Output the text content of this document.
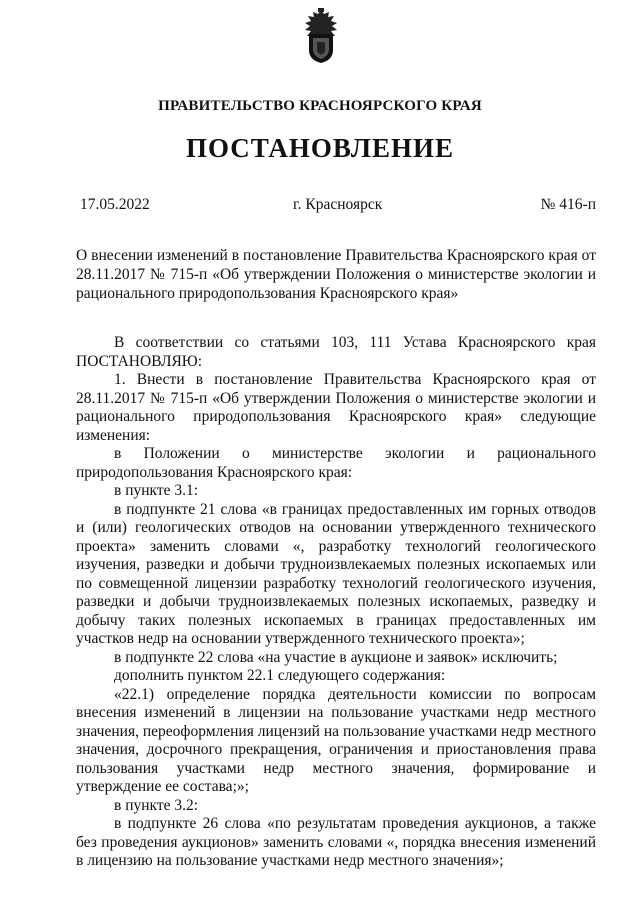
ПРАВИТЕЛЬСТВО КРАСНОЯРСКОГО КРАЯ
ПОСТАНОВЛЕНИЕ
17.05.2022	г. Красноярск	№ 416-п
О внесении изменений в постановление Правительства Красноярского края от 28.11.2017 № 715-п «Об утверждении Положения о министерстве экологии и рационального природопользования Красноярского края»

В соответствии со статьями 103, 111 Устава Красноярского края ПОСТАНОВЛЯЮ:

1. Внести в постановление Правительства Красноярского края от 28.11.2017 № 715-п «Об утверждении Положения о министерстве экологии и рационального природопользования Красноярского края» следующие изменения:

в Положении о министерстве экологии и рационального природопользования Красноярского края:

в пункте 3.1:

в подпункте 21 слова «в границах предоставленных им горных отводов и (или) геологических отводов на основании утвержденного технического проекта» заменить словами «, разработку технологий геологического изучения, разведки и добычи трудноизвлекаемых полезных ископаемых или по совмещенной лицензии разработку технологий геологического изучения, разведки и добычи трудноизвлекаемых полезных ископаемых, разведку и добычу таких полезных ископаемых в границах предоставленных им участков недр на основании утвержденного технического проекта»;

в подпункте 22 слова «на участие в аукционе и заявок» исключить;

дополнить пунктом 22.1 следующего содержания:

«22.1) определение порядка деятельности комиссии по вопросам внесения изменений в лицензии на пользование участками недр местного значения, переоформления лицензий на пользование участками недр местного значения, досрочного прекращения, ограничения и приостановления права пользования участками недр местного значения, формирование и утверждение ее состава;»;

в пункте 3.2:

в подпункте 26 слова «по результатам проведения аукционов, а также без проведения аукционов» заменить словами «, порядка внесения изменений в лицензию на пользование участками недр местного значения»;
